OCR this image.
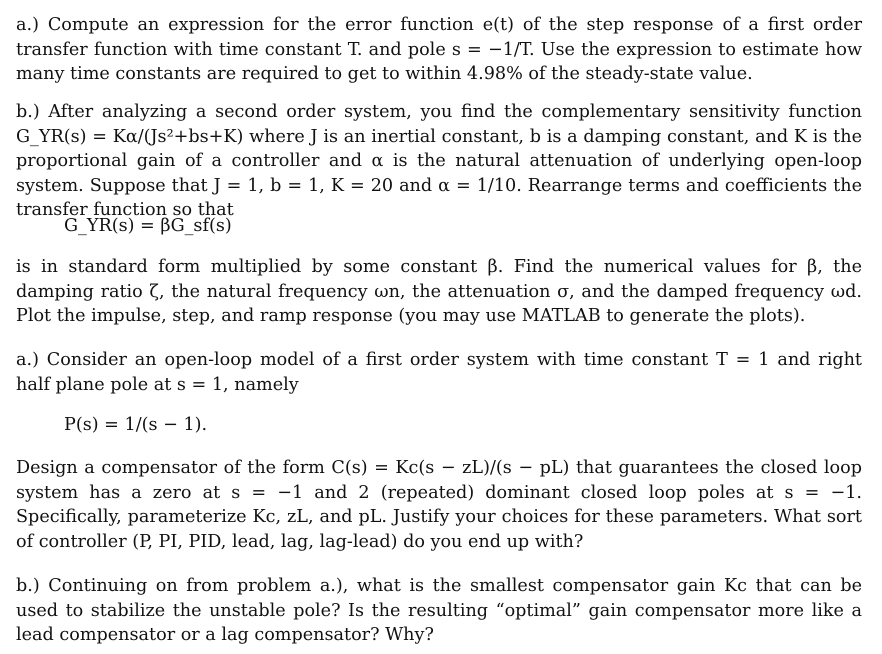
a.) Compute an expression for the error function e(t) of the step response of a first order transfer function with time constant T. and pole s = −1/T. Use the expression to estimate how many time constants are required to get to within 4.98% of the steady-state value.

b.) After analyzing a second order system, you find the complementary sensitivity function G_YR(s) = Kα/(Js²+bs+K) where J is an inertial constant, b is a damping constant, and K is the proportional gain of a controller and α is the natural attenuation of underlying open-loop system. Suppose that J = 1, b = 1, K = 20 and α = 1/10. Rearrange terms and coefficients the transfer function so that

G_YR(s) = βG_sf(s)

is in standard form multiplied by some constant β. Find the numerical values for β, the damping ratio ζ, the natural frequency ωn, the attenuation σ, and the damped frequency ωd. Plot the impulse, step, and ramp response (you may use MATLAB to generate the plots).

a.) Consider an open-loop model of a first order system with time constant T = 1 and right half plane pole at s = 1, namely

P(s) = 1/(s − 1).

Design a compensator of the form C(s) = Kc(s − zL)/(s − pL) that guarantees the closed loop system has a zero at s = −1 and 2 (repeated) dominant closed loop poles at s = −1. Specifically, parameterize Kc, zL, and pL. Justify your choices for these parameters. What sort of controller (P, PI, PID, lead, lag, lag-lead) do you end up with?

b.) Continuing on from problem a.), what is the smallest compensator gain Kc that can be used to stabilize the unstable pole? Is the resulting “optimal” gain compensator more like a lead compensator or a lag compensator? Why?
